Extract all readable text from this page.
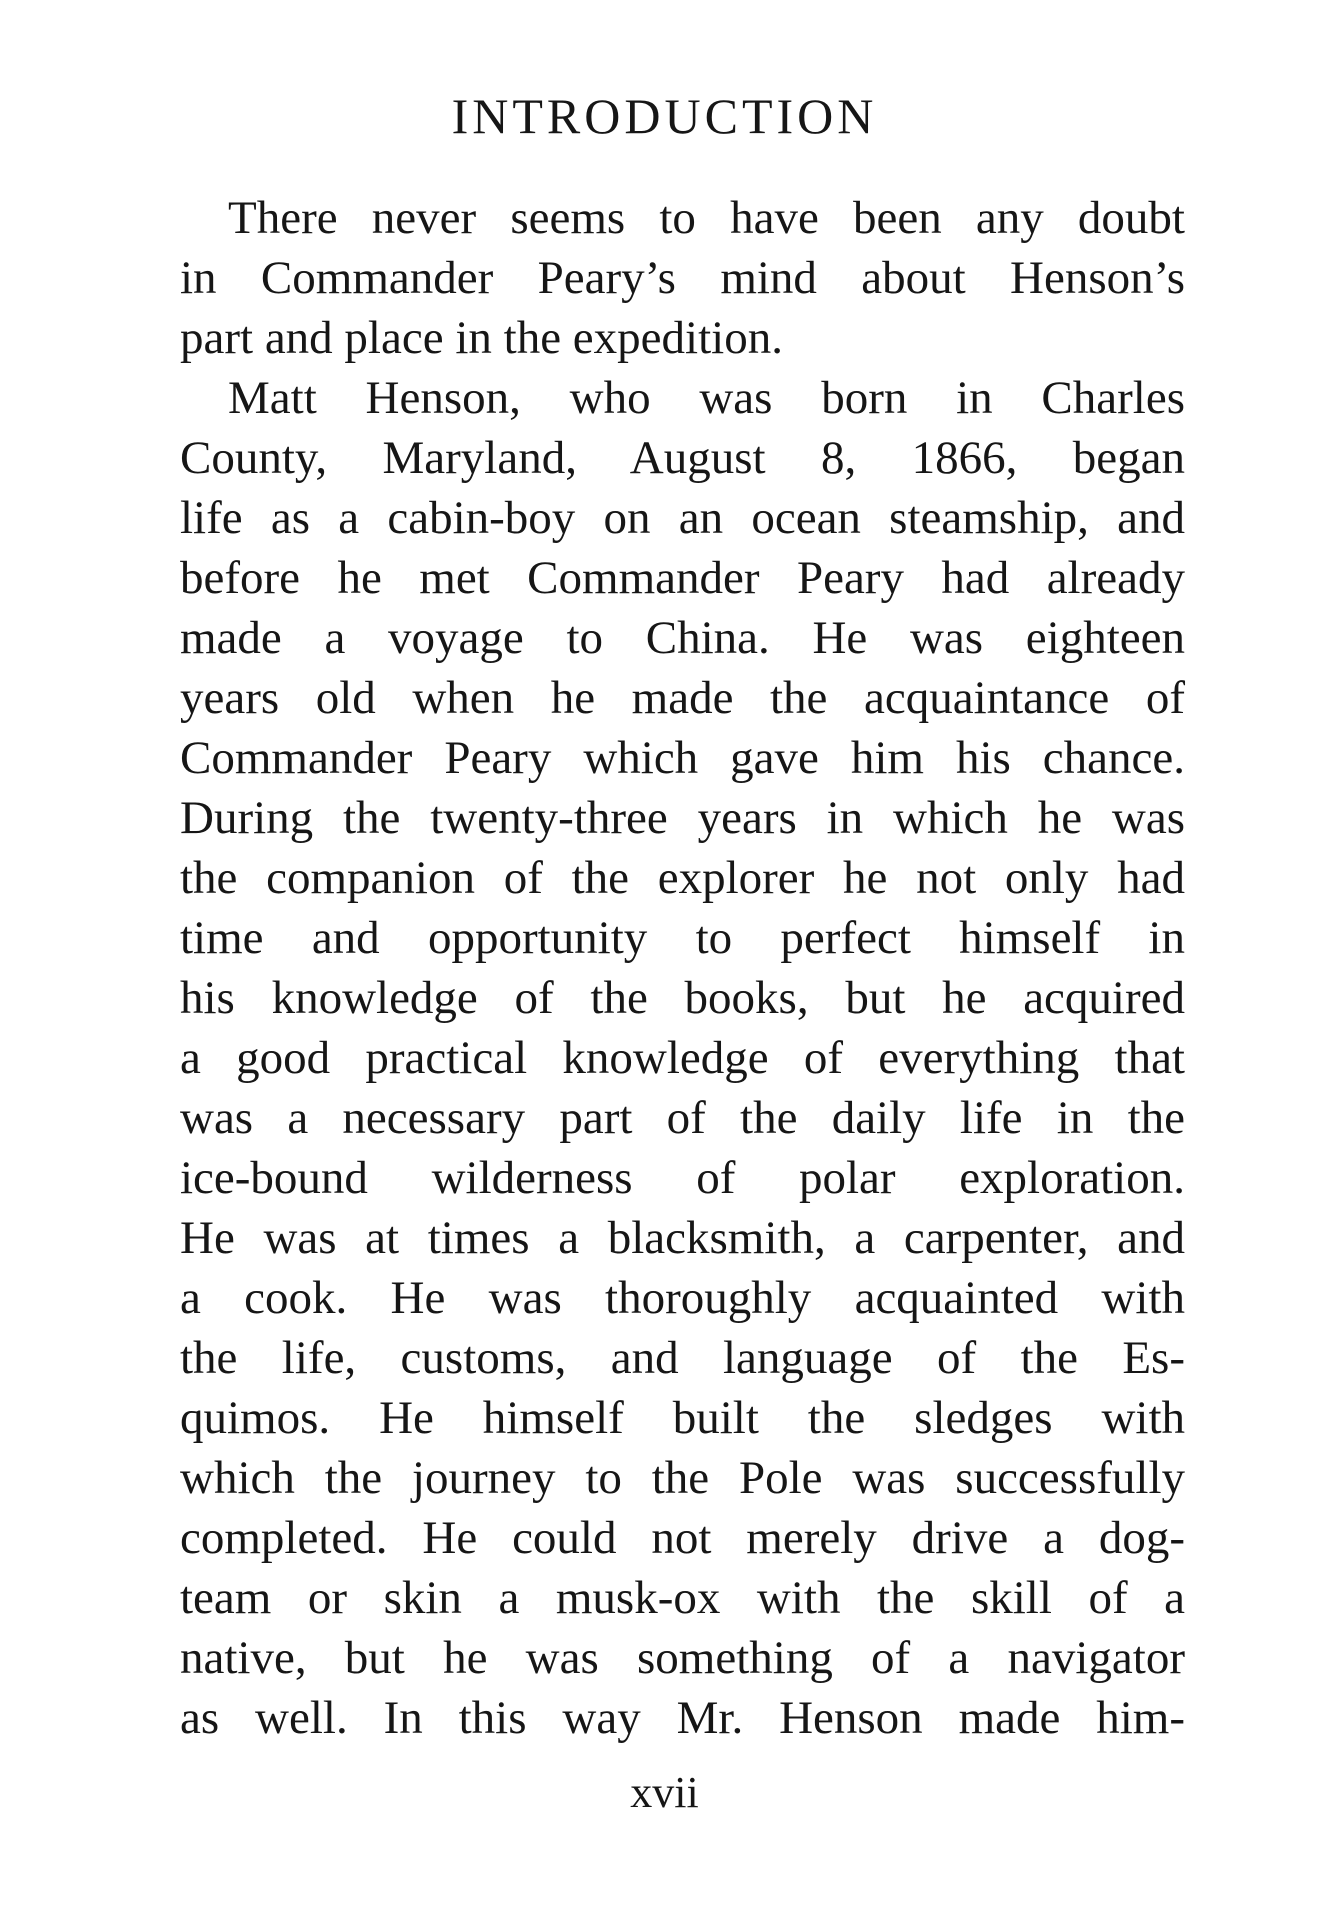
INTRODUCTION
There never seems to have been any doubt
in Commander Peary’s mind about Henson’s
part and place in the expedition.
Matt Henson, who was born in Charles
County, Maryland, August 8, 1866, began
life as a cabin-boy on an ocean steamship, and
before he met Commander Peary had already
made a voyage to China. He was eighteen
years old when he made the acquaintance of
Commander Peary which gave him his chance.
During the twenty-three years in which he was
the companion of the explorer he not only had
time and opportunity to perfect himself in
his knowledge of the books, but he acquired
a good practical knowledge of everything that
was a necessary part of the daily life in the
ice-bound wilderness of polar exploration.
He was at times a blacksmith, a carpenter, and
a cook. He was thoroughly acquainted with
the life, customs, and language of the Es-
quimos. He himself built the sledges with
which the journey to the Pole was successfully
completed. He could not merely drive a dog-
team or skin a musk-ox with the skill of a
native, but he was something of a navigator
as well. In this way Mr. Henson made him-
xvii
